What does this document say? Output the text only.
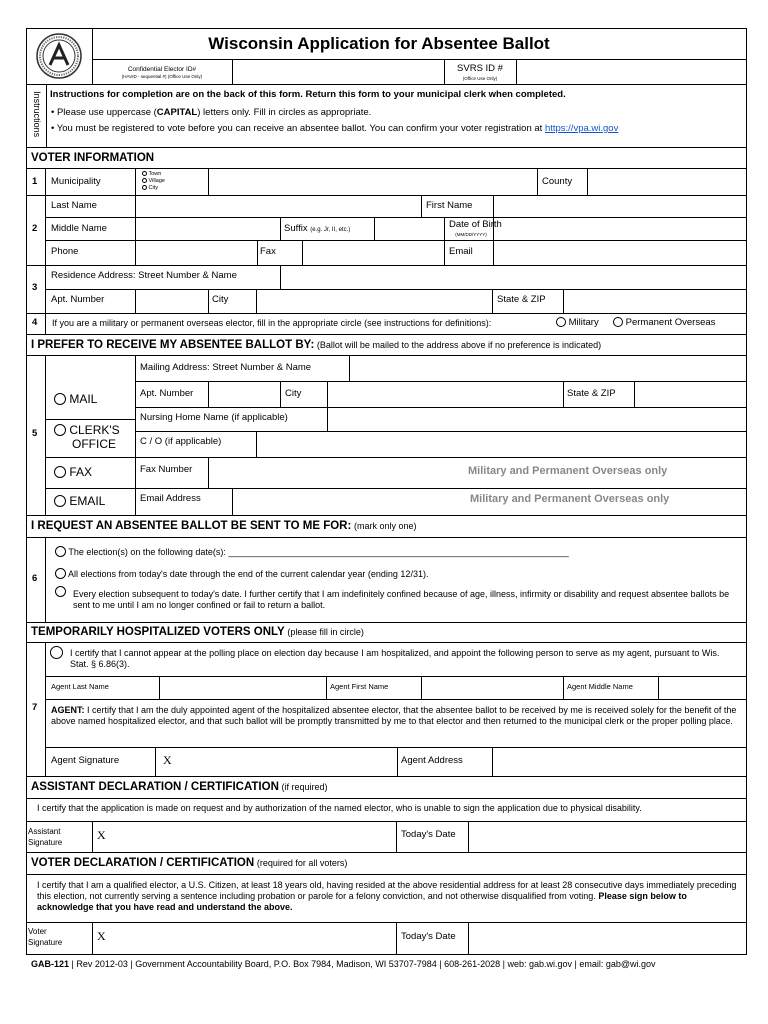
Wisconsin Application for Absentee Ballot
Confidential Elector ID#
(HAVID - sequential #) (Office Use Only)
SVRS ID #
(Office Use Only)
Instructions Instructions for completion are on the back of this form. Return this form to your municipal clerk when completed.
• Please use uppercase (CAPITAL) letters only. Fill in circles as appropriate.
• You must be registered to vote before you can receive an absentee ballot. You can confirm your voter registration at https://vpa.wi.gov
VOTER INFORMATION
1 Municipality
Town
Village
City
County
2
Last Name	First Name
Middle Name	Suffix (e.g. Jr, II, etc.)	Date of Birth
(MM/DD/YYYY)
Phone	Fax	Email
3
Residence Address: Street Number & Name
Apt. Number	City	State & ZIP
4 If you are a military or permanent overseas elector, fill in the appropriate circle (see instructions for definitions):	Military	Permanent Overseas
I PREFER TO RECEIVE MY ABSENTEE BALLOT BY: (Ballot will be mailed to the address above if no preference is indicated)
5
Mailing Address: Street Number & Name
Apt. Number	City	State & ZIP
Nursing Home Name (if applicable)
C / O (if applicable)
Fax Number	Military and Permanent Overseas only
Email Address	Military and Permanent Overseas only
MAIL
CLERK'S
OFFICE
FAX
EMAIL
I REQUEST AN ABSENTEE BALLOT BE SENT TO ME FOR: (mark only one)
6
The election(s) on the following date(s): ____________________________________________________________________
All elections from today's date through the end of the current calendar year (ending 12/31).
Every election subsequent to today's date. I further certify that I am indefinitely confined because of age, illness, infirmity or disability and request absentee ballots be sent to me until I am no longer confined or fail to return a ballot.
TEMPORARILY HOSPITALIZED VOTERS ONLY (please fill in circle)
7
I certify that I cannot appear at the polling place on election day because I am hospitalized, and appoint the following person to serve as my agent, pursuant to Wis. Stat. § 6.86(3).
Agent Last Name	Agent First Name	Agent Middle Name
AGENT: I certify that I am the duly appointed agent of the hospitalized absentee elector, that the absentee ballot to be received by me is received solely for the benefit of the above named hospitalized elector, and that such ballot will be promptly transmitted by me to that elector and then returned to the municipal clerk or the proper polling place.
Agent Signature	X	Agent Address
ASSISTANT DECLARATION / CERTIFICATION (if required)
I certify that the application is made on request and by authorization of the named elector, who is unable to sign the application due to physical disability.
Assistant
Signature
X	Today's Date
VOTER DECLARATION / CERTIFICATION (required for all voters)
I certify that I am a qualified elector, a U.S. Citizen, at least 18 years old, having resided at the above residential address for at least 28 consecutive days immediately preceding this election, not currently serving a sentence including probation or parole for a felony conviction, and not otherwise disqualified from voting. Please sign below to acknowledge that you have read and understand the above.
Voter
Signature	X	Today's Date
GAB-121 | Rev 2012-03 | Government Accountability Board, P.O. Box 7984, Madison, WI 53707-7984 | 608-261-2028 | web: gab.wi.gov | email: gab@wi.gov
